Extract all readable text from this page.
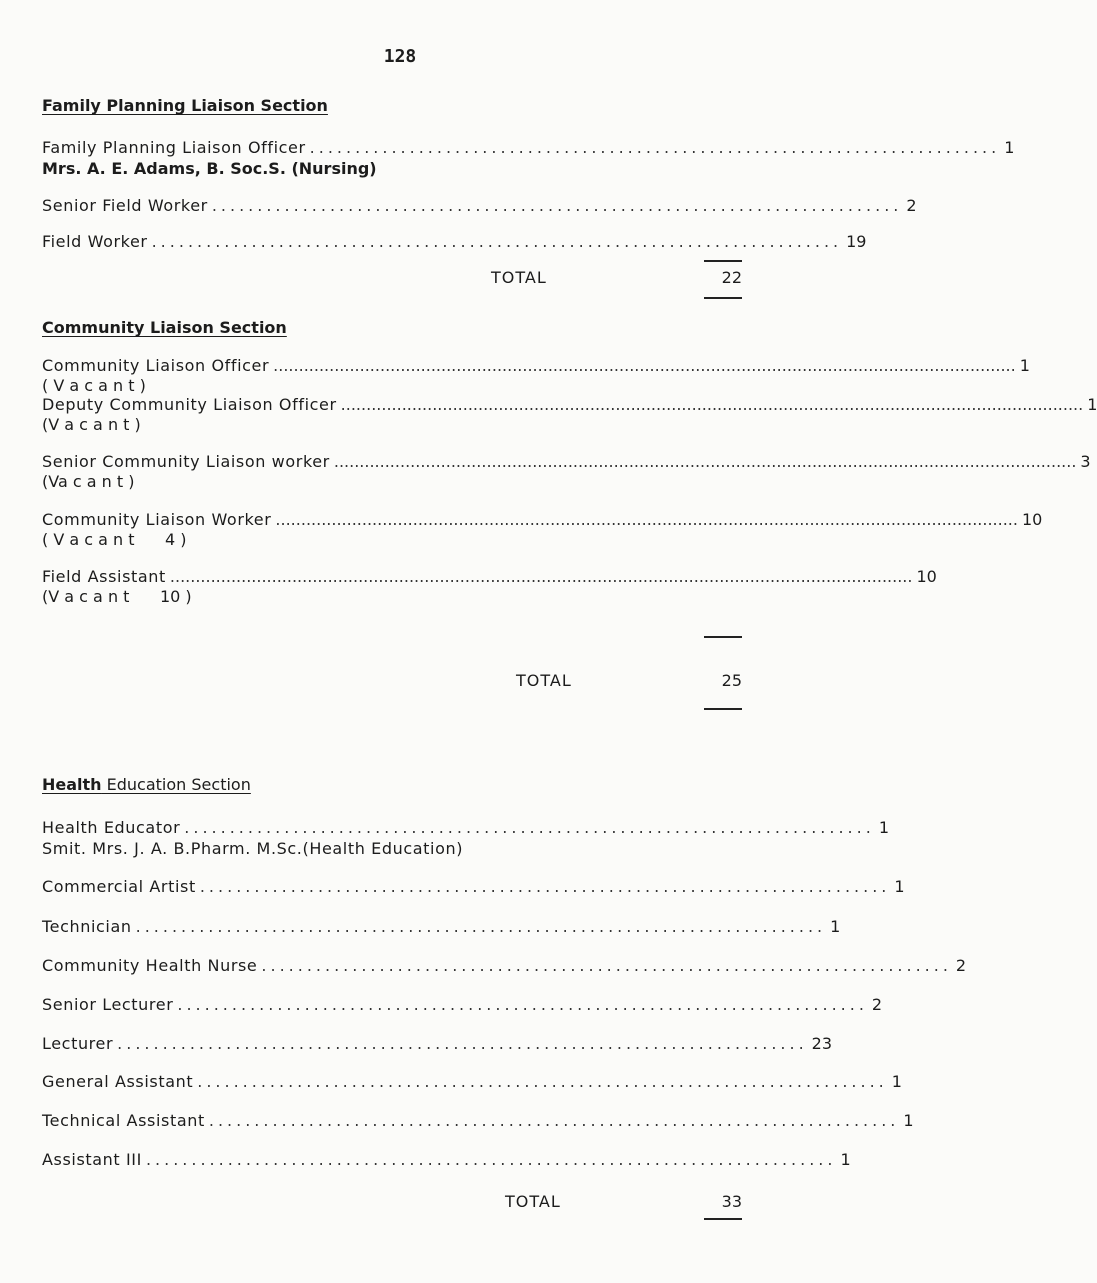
128
Family Planning Liaison Section
Family Planning Liaison Officer ............................................................................ 1
Mrs. A. E. Adams, B. Soc.S. (Nursing)
Senior Field Worker ............................................................................ 2
Field Worker ............................................................................ 19
TOTAL	22
Community Liaison Section
Community Liaison Officer .................................................................................................................................................. 1
( V a c a n t )
Deputy Community Liaison Officer .................................................................................................................................................. 1
(V a c a n t )
Senior Community Liaison worker .................................................................................................................................................. 3
(Va c a n t )
Community Liaison Worker .................................................................................................................................................. 10
( V a c a n t      4 )
Field Assistant .................................................................................................................................................. 10
(V a c a n t      10 )
TOTAL	25
Health Education Section
Health Educator ............................................................................ 1
Smit. Mrs. J. A. B.Pharm. M.Sc.(Health Education)
Commercial Artist ............................................................................ 1
Technician ............................................................................ 1
Community Health Nurse ............................................................................ 2
Senior Lecturer ............................................................................ 2
Lecturer ............................................................................ 23
General Assistant ............................................................................ 1
Technical Assistant ............................................................................ 1
Assistant III ............................................................................ 1
TOTAL	33
